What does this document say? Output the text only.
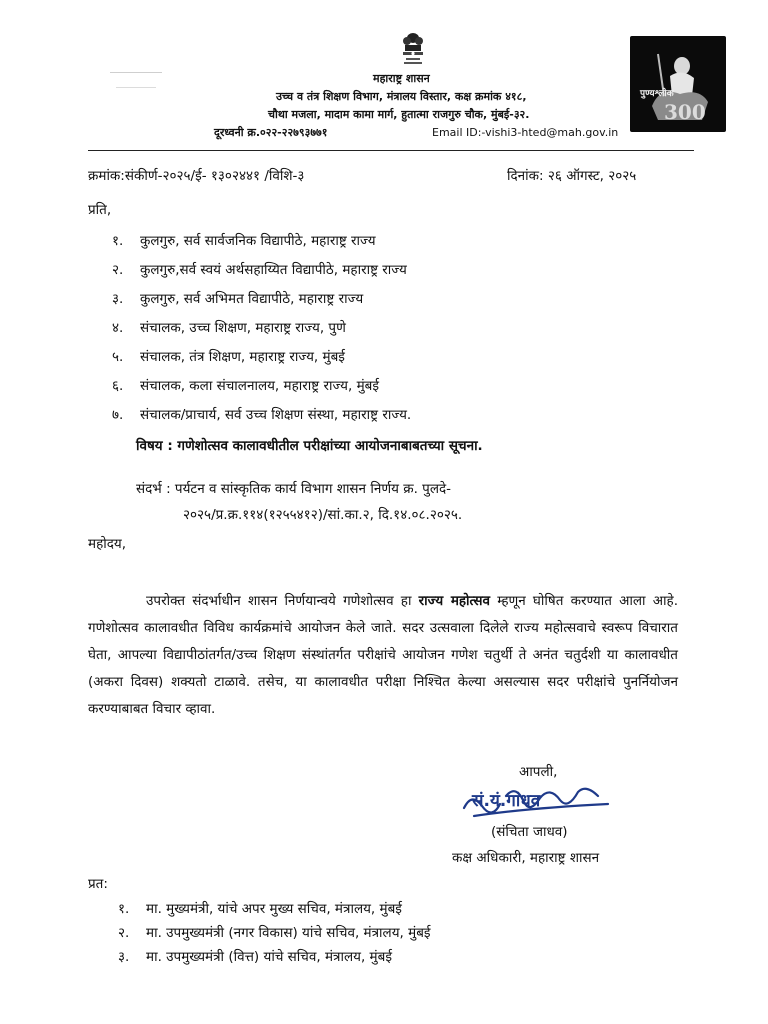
महाराष्ट्र शासन
उच्च व तंत्र शिक्षण विभाग, मंत्रालय विस्तार, कक्ष क्रमांक ४१८,
चौथा मजला, मादाम कामा मार्ग, हुतात्मा राजगुरु चौक, मुंबई-३२.
दूरध्वनी क्र.०२२-२२७९३७७१	Email ID:-vishi3-hted@mah.gov.in
पुण्यश्लोक
300
क्रमांक:संकीर्ण-२०२५/ई- १३०२४४१ /विशि-३	दिनांक: २६ ऑगस्ट, २०२५
प्रति,
१. कुलगुरु, सर्व सार्वजनिक विद्यापीठे, महाराष्ट्र राज्य
२. कुलगुरु,सर्व स्वयं अर्थसहाय्यित विद्यापीठे, महाराष्ट्र राज्य
३. कुलगुरु, सर्व अभिमत विद्यापीठे, महाराष्ट्र राज्य
४. संचालक, उच्च शिक्षण, महाराष्ट्र राज्य, पुणे
५. संचालक, तंत्र शिक्षण, महाराष्ट्र राज्य, मुंबई
६. संचालक, कला संचालनालय, महाराष्ट्र राज्य, मुंबई
७. संचालक/प्राचार्य, सर्व उच्च शिक्षण संस्था, महाराष्ट्र राज्य.
विषय : गणेशोत्सव कालावधीतील परीक्षांच्या आयोजनाबाबतच्या सूचना.
संदर्भ : पर्यटन व सांस्कृतिक कार्य विभाग शासन निर्णय क्र. पुलदे-
२०२५/प्र.क्र.११४(१२५५४१२)/सां.का.२, दि.१४.०८.२०२५.
महोदय,
उपरोक्त संदर्भाधीन शासन निर्णयान्वये गणेशोत्सव हा राज्य महोत्सव म्हणून घोषित करण्यात आला आहे. गणेशोत्सव कालावधीत विविध कार्यक्रमांचे आयोजन केले जाते. सदर उत्सवाला दिलेले राज्य महोत्सवाचे स्वरूप विचारात घेता, आपल्या विद्यापीठांतर्गत/उच्च शिक्षण संस्थांतर्गत परीक्षांचे आयोजन गणेश चतुर्थी ते अनंत चतुर्दशी या कालावधीत (अकरा दिवस) शक्यतो टाळावे. तसेच, या कालावधीत परीक्षा निश्चित केल्या असल्यास सदर परीक्षांचे पुनर्नियोजन करण्याबाबत विचार व्हावा.
आपली,
सं.यं.गांधव
(संचिता जाधव)
कक्ष अधिकारी, महाराष्ट्र शासन
प्रत:
१. मा. मुख्यमंत्री, यांचे अपर मुख्य सचिव, मंत्रालय, मुंबई
२. मा. उपमुख्यमंत्री (नगर विकास) यांचे सचिव, मंत्रालय, मुंबई
३. मा. उपमुख्यमंत्री (वित्त) यांचे सचिव, मंत्रालय, मुंबई
